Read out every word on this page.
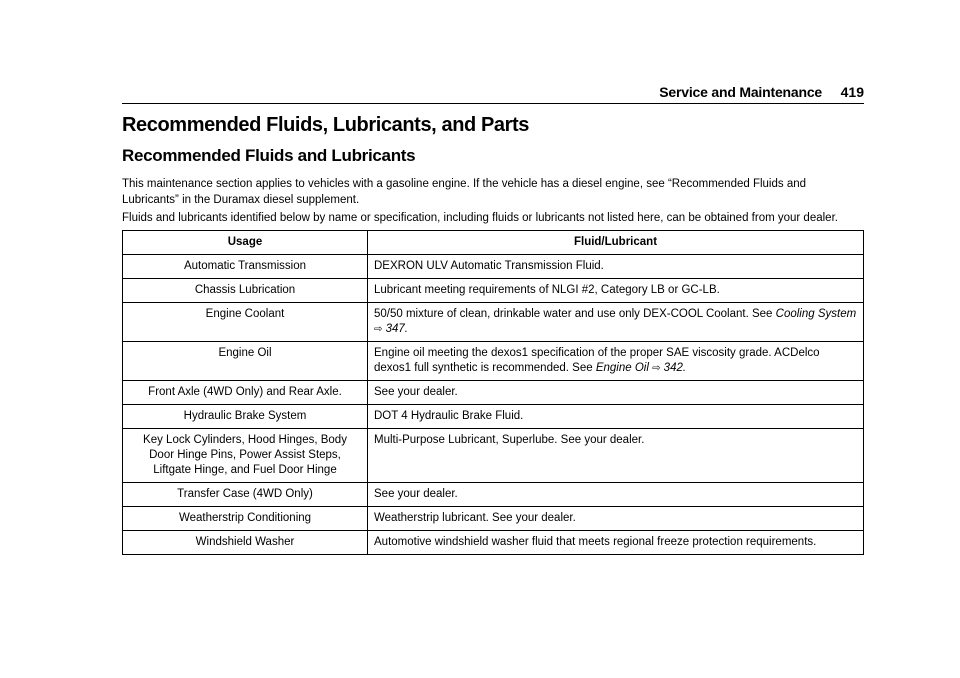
Service and Maintenance 419
Recommended Fluids, Lubricants, and Parts
Recommended Fluids and Lubricants

This maintenance section applies to vehicles with a gasoline engine. If the vehicle has a diesel engine, see “Recommended Fluids and Lubricants” in the Duramax diesel supplement.

Fluids and lubricants identified below by name or specification, including fluids or lubricants not listed here, can be obtained from your dealer.

Usage	Fluid/Lubricant
Automatic Transmission	DEXRON ULV Automatic Transmission Fluid.
Chassis Lubrication	Lubricant meeting requirements of NLGI #2, Category LB or GC-LB.
Engine Coolant	50/50 mixture of clean, drinkable water and use only DEX-COOL Coolant. See Cooling System
⇨ 347.
Engine Oil	Engine oil meeting the dexos1 specification of the proper SAE viscosity grade. ACDelco dexos1 full synthetic is recommended. See Engine Oil ⇨ 342.
Front Axle (4WD Only) and Rear Axle.	See your dealer.
Hydraulic Brake System	DOT 4 Hydraulic Brake Fluid.
Key Lock Cylinders, Hood Hinges, Body Door Hinge Pins, Power Assist Steps, Liftgate Hinge, and Fuel Door Hinge	Multi-Purpose Lubricant, Superlube. See your dealer.
Transfer Case (4WD Only)	See your dealer.
Weatherstrip Conditioning	Weatherstrip lubricant. See your dealer.
Windshield Washer	Automotive windshield washer fluid that meets regional freeze protection requirements.
